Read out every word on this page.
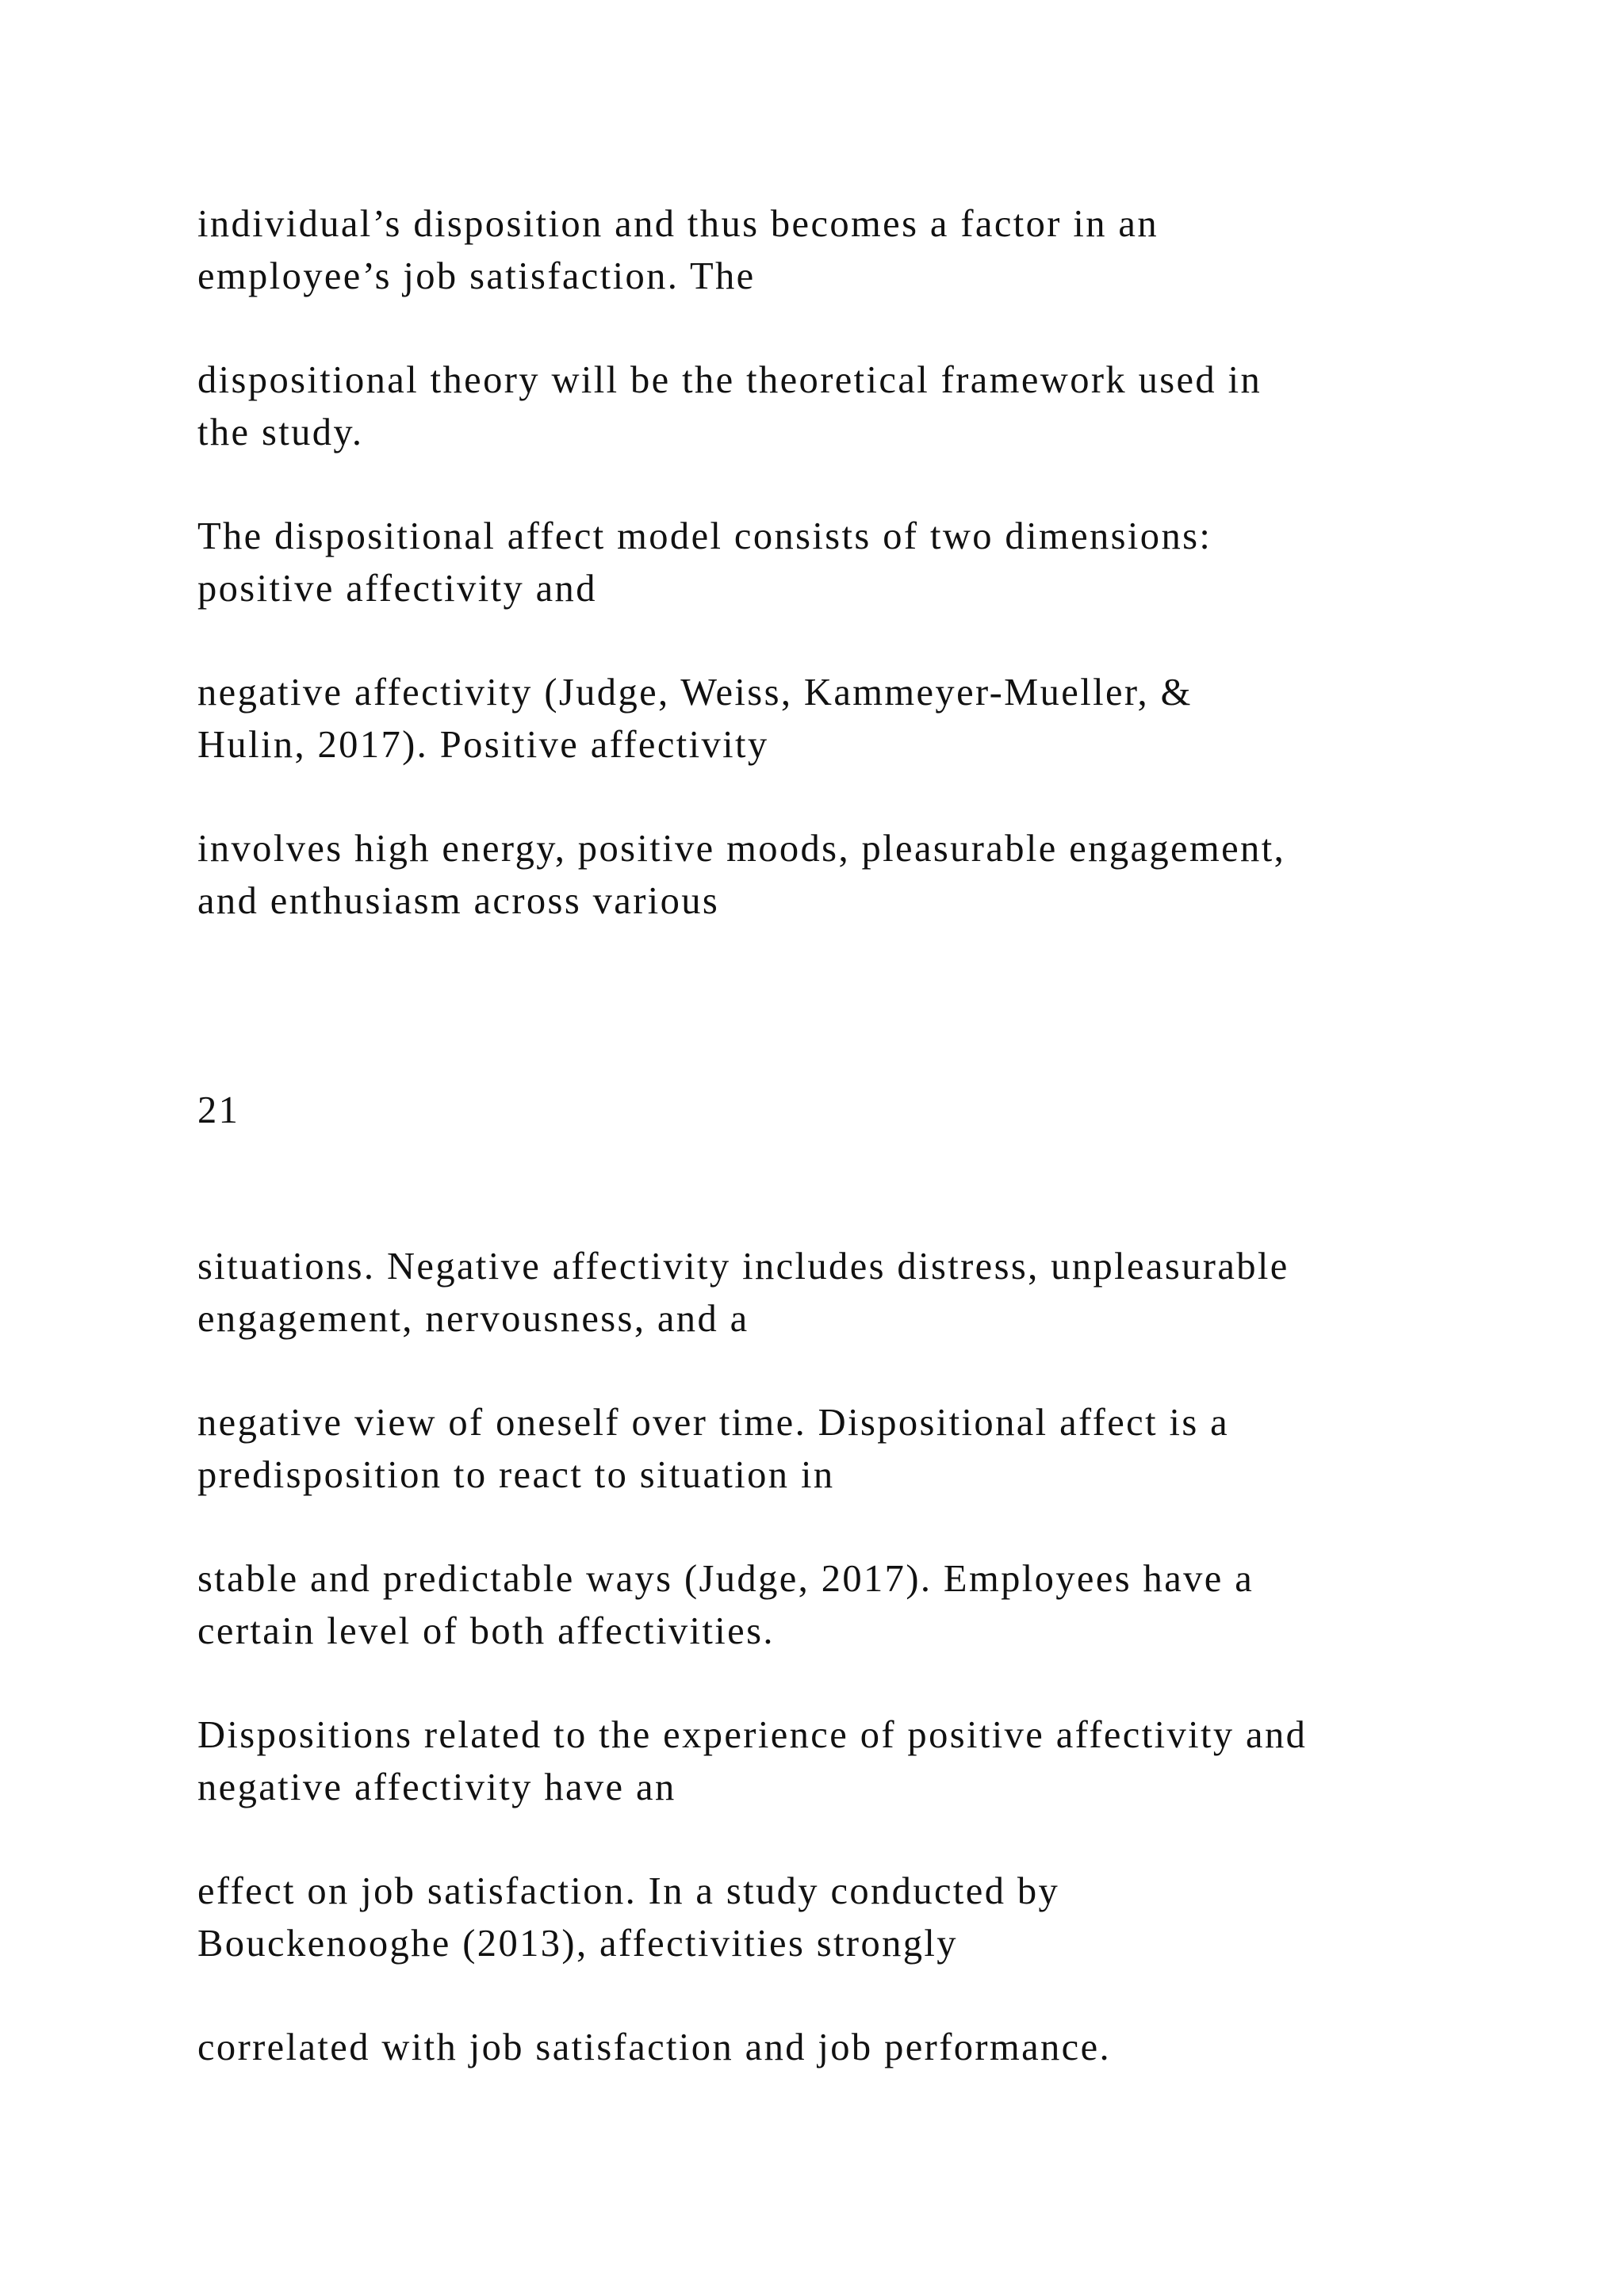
individual’s disposition and thus becomes a factor in an
employee’s job satisfaction. The

dispositional theory will be the theoretical framework used in
the study.

The dispositional affect model consists of two dimensions:
positive affectivity and

negative affectivity (Judge, Weiss, Kammeyer-Mueller, &
Hulin, 2017). Positive affectivity

involves high energy, positive moods, pleasurable engagement,
and enthusiasm across various

21

situations. Negative affectivity includes distress, unpleasurable
engagement, nervousness, and a

negative view of oneself over time. Dispositional affect is a
predisposition to react to situation in

stable and predictable ways (Judge, 2017). Employees have a
certain level of both affectivities.

Dispositions related to the experience of positive affectivity and
negative affectivity have an

effect on job satisfaction. In a study conducted by
Bouckenooghe (2013), affectivities strongly

correlated with job satisfaction and job performance.
